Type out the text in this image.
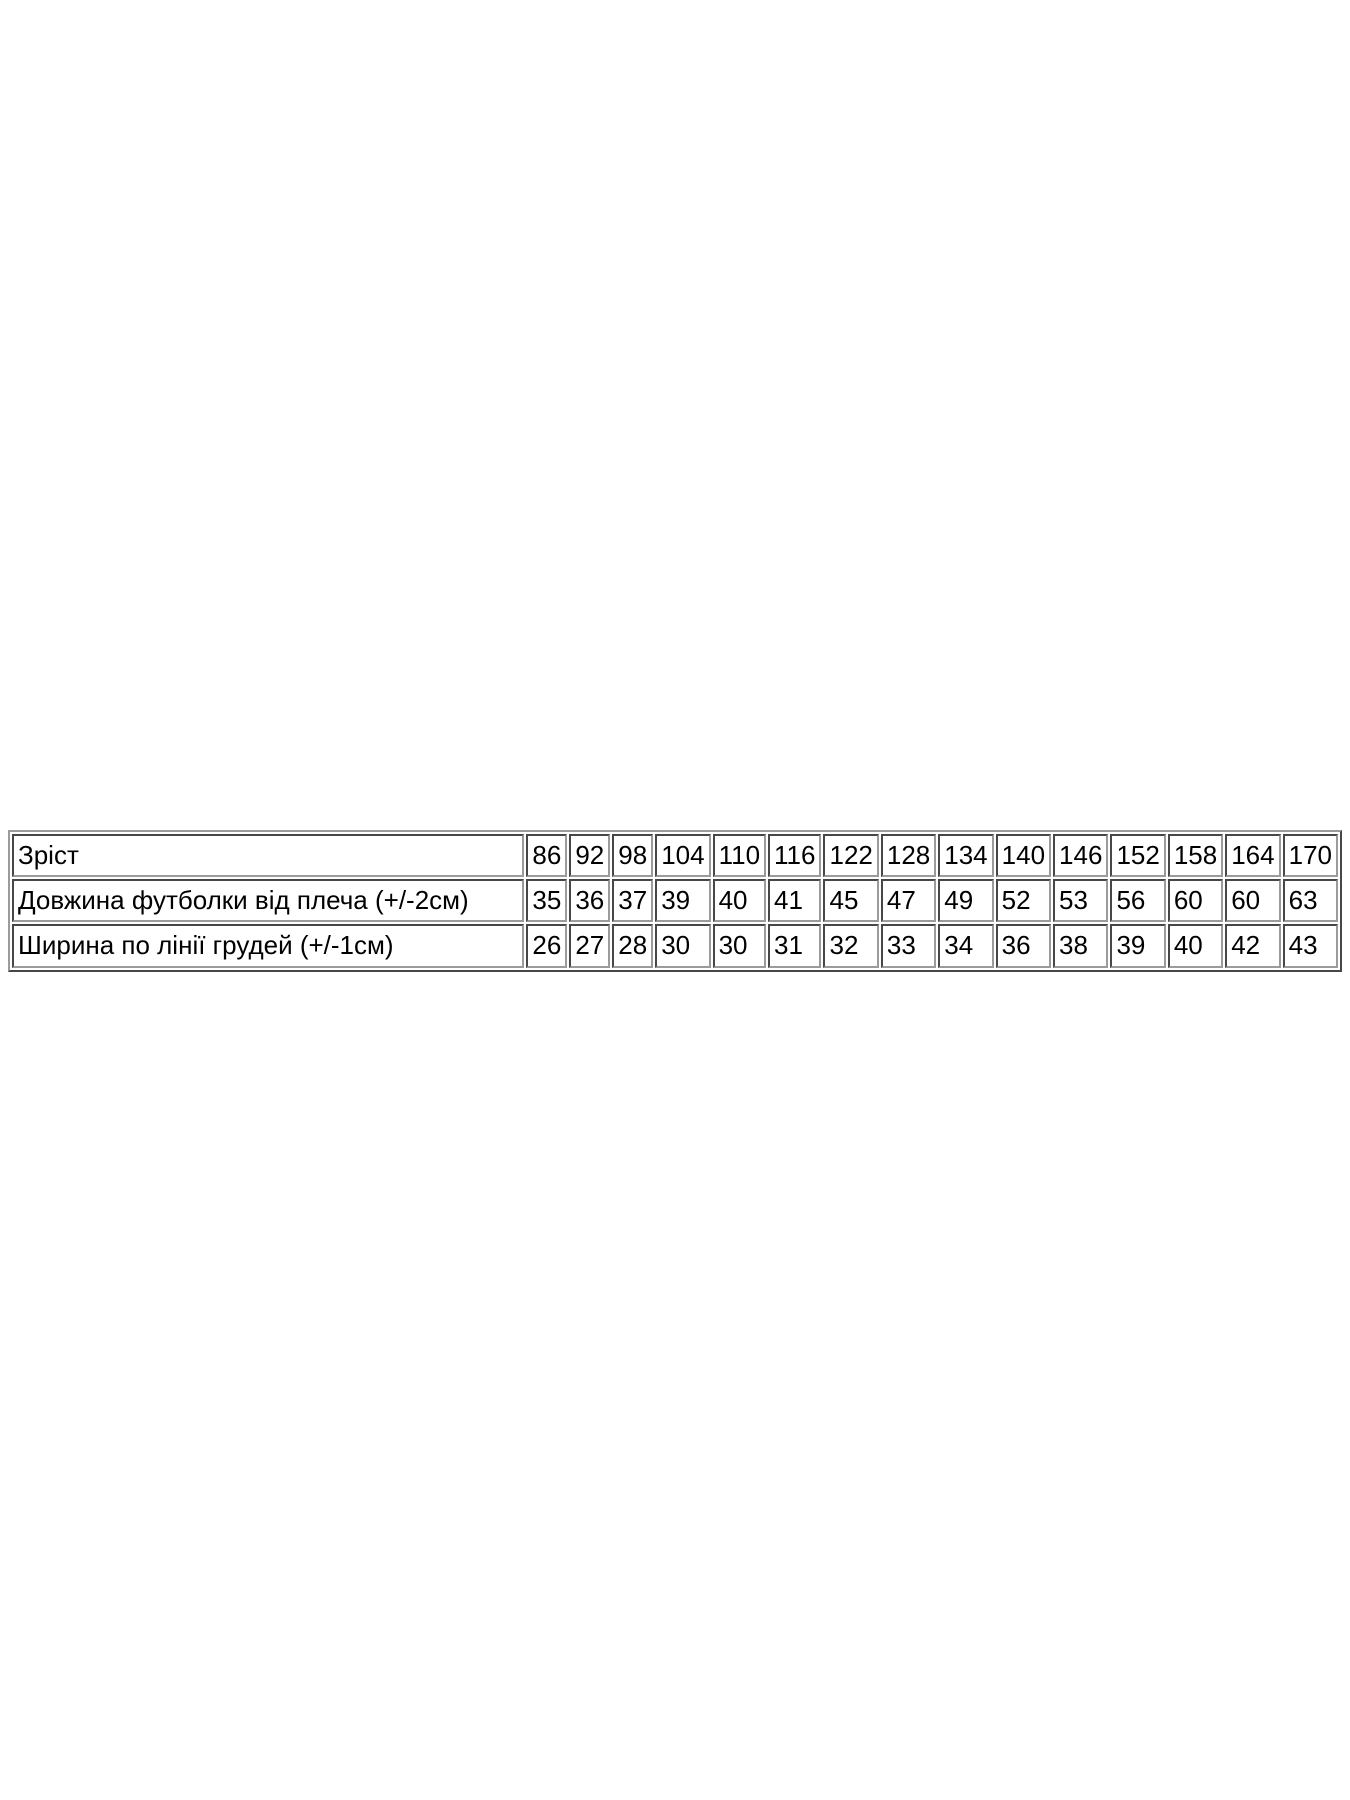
Зріст	86	92	98	104	110	116	122	128	134	140	146	152	158	164	170
Довжина футболки від плеча (+/-2см)	35	36	37	39	40	41	45	47	49	52	53	56	60	60	63
Ширина по лінії грудей (+/-1см)	26	27	28	30	30	31	32	33	34	36	38	39	40	42	43
